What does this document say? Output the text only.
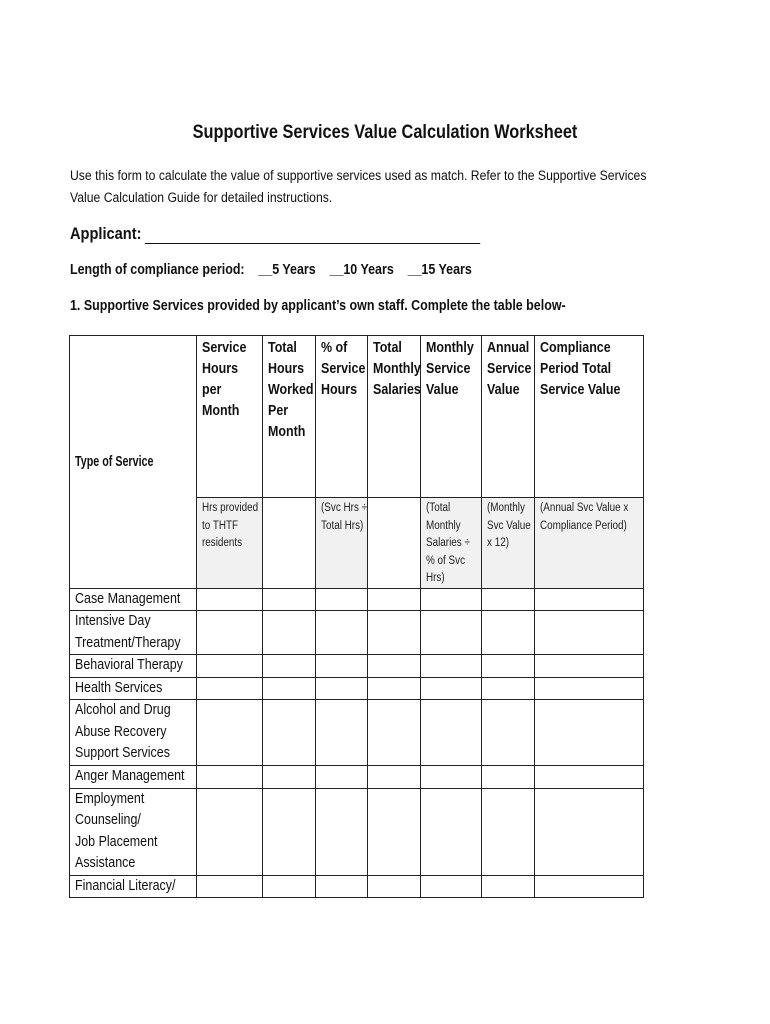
Supportive Services Value Calculation Worksheet
Use this form to calculate the value of supportive services used as match. Refer to the Supportive Services Value Calculation Guide for detailed instructions.
Applicant:
Length of compliance period: __5 Years __10 Years __15 Years
1. Supportive Services provided by applicant’s own staff. Complete the table below-
Type of Service	Service Hours per Month	Total Hours Worked Per Month	% of Service Hours	Total Monthly Salaries	Monthly Service Value	Annual Service Value	Compliance Period Total Service Value

	Hrs provided to THTF residents		(Svc Hrs ÷ Total Hrs)		(Total Monthly Salaries ÷ % of Svc Hrs)	(Monthly Svc Value x 12)	(Annual Svc Value x Compliance Period)

Case Management							

Intensive Day Treatment/Therapy							

Behavioral Therapy							

Health Services							

Alcohol and Drug Abuse Recovery Support Services							

Anger Management							

Employment Counseling/ Job Placement Assistance							

Financial Literacy/							
